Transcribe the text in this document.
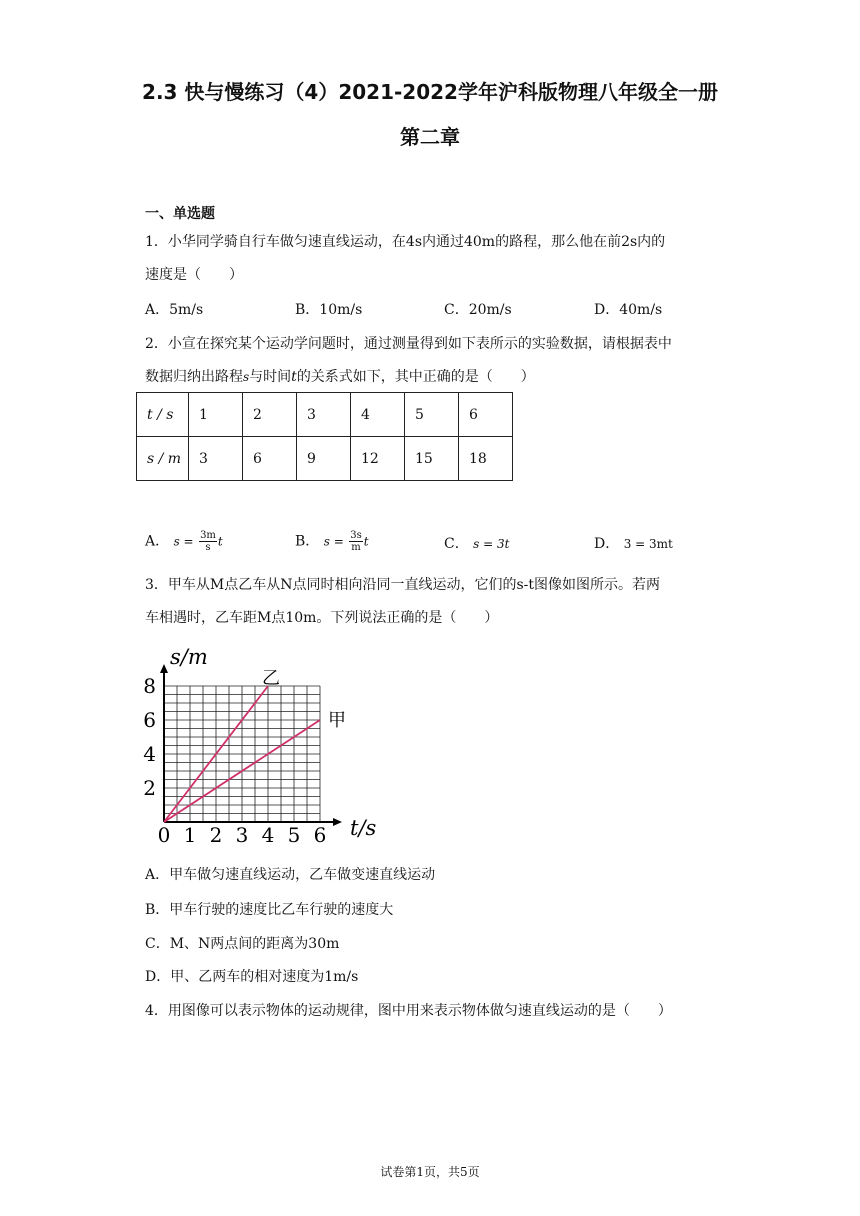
2.3 快与慢练习（4）2021-2022学年沪科版物理八年级全一册
第二章
一、单选题
1．小华同学骑自行车做匀速直线运动，在4s内通过40m的路程，那么他在前2s内的
速度是（　　）
A．5m/s	B．10m/s	C．20m/s	D．40m/s
2．小宣在探究某个运动学问题时，通过测量得到如下表所示的实验数据，请根据表中
数据归纳出路程s与时间t的关系式如下，其中正确的是（　　）
t / s	1	2	3	4	5	6
s / m	3	6	9	12	15	18
A． $s = \frac{3m}{s}$ t	B． $s = \frac{3s}{m}$ t	C． s = 3t	D． 3 = 3mt
3．甲车从M点乙车从N点同时相向沿同一直线运动，它们的s-t图像如图所示。若两
车相遇时，乙车距M点10m。下列说法正确的是（　　）
0 1 2 3 4 5 6
2
4
6
8
t/s
s/m
乙
甲
A．甲车做匀速直线运动，乙车做变速直线运动
B．甲车行驶的速度比乙车行驶的速度大
C．M、N两点间的距离为30m
D．甲、乙两车的相对速度为1m/s
4．用图像可以表示物体的运动规律，图中用来表示物体做匀速直线运动的是（　　）
试卷第1页，共5页
